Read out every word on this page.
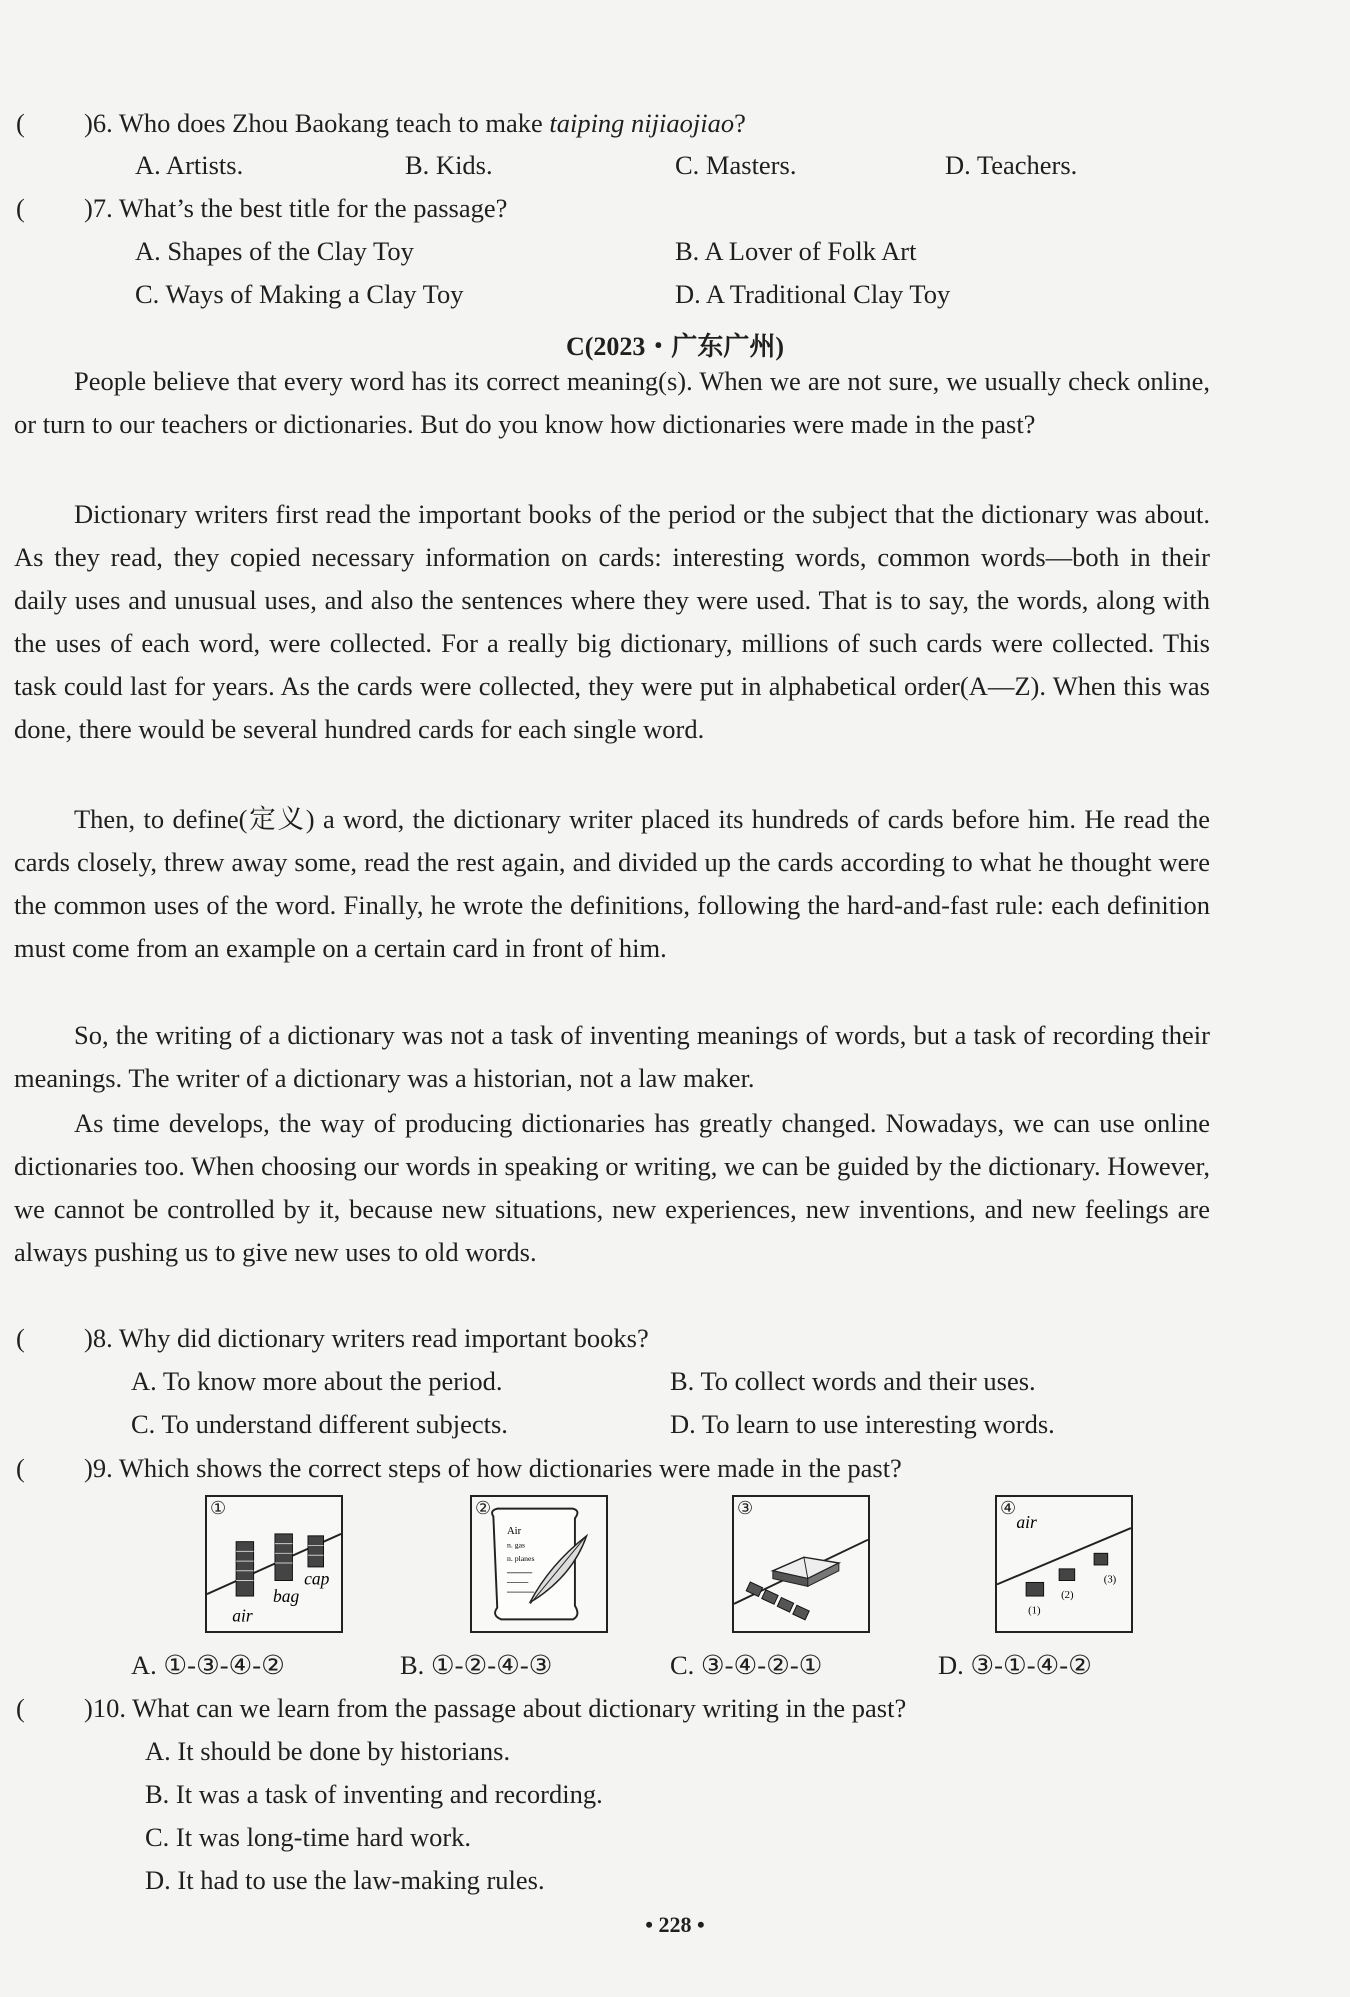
( )6. Who does Zhou Baokang teach to make taiping nijiaojiao?
A. Artists.	B. Kids.	C. Masters.	D. Teachers.
( )7. What’s the best title for the passage?
A. Shapes of the Clay Toy	B. A Lover of Folk Art
C. Ways of Making a Clay Toy	D. A Traditional Clay Toy
C(2023・广东广州)
People believe that every word has its correct meaning(s). When we are not sure, we usually check online, or turn to our teachers or dictionaries. But do you know how dictionaries were made in the past?
Dictionary writers first read the important books of the period or the subject that the dictionary was about. As they read, they copied necessary information on cards: interesting words, common words—both in their daily uses and unusual uses, and also the sentences where they were used. That is to say, the words, along with the uses of each word, were collected. For a really big dictionary, millions of such cards were collected. This task could last for years. As the cards were collected, they were put in alphabetical order(A—Z). When this was done, there would be several hundred cards for each single word.
Then, to define(定义) a word, the dictionary writer placed its hundreds of cards before him. He read the cards closely, threw away some, read the rest again, and divided up the cards according to what he thought were the common uses of the word. Finally, he wrote the definitions, following the hard-and-fast rule: each definition must come from an example on a certain card in front of him.
So, the writing of a dictionary was not a task of inventing meanings of words, but a task of recording their meanings. The writer of a dictionary was a historian, not a law maker.
As time develops, the way of producing dictionaries has greatly changed. Nowadays, we can use online dictionaries too. When choosing our words in speaking or writing, we can be guided by the dictionary. However, we cannot be controlled by it, because new situations, new experiences, new inventions, and new feelings are always pushing us to give new uses to old words.
( )8. Why did dictionary writers read important books?
A. To know more about the period.	B. To collect words and their uses.
C. To understand different subjects.	D. To learn to use interesting words.
( )9. Which shows the correct steps of how dictionaries were made in the past?
①
air
bag
cap
②
Air
n. gas
n. planes
③	④
air
(1)
(2)
(3)
A. ①-③-④-②	B. ①-②-④-③	C. ③-④-②-①	D. ③-①-④-②
( )10. What can we learn from the passage about dictionary writing in the past?
A. It should be done by historians.
B. It was a task of inventing and recording.
C. It was long-time hard work.
D. It had to use the law-making rules.
• 228 •
